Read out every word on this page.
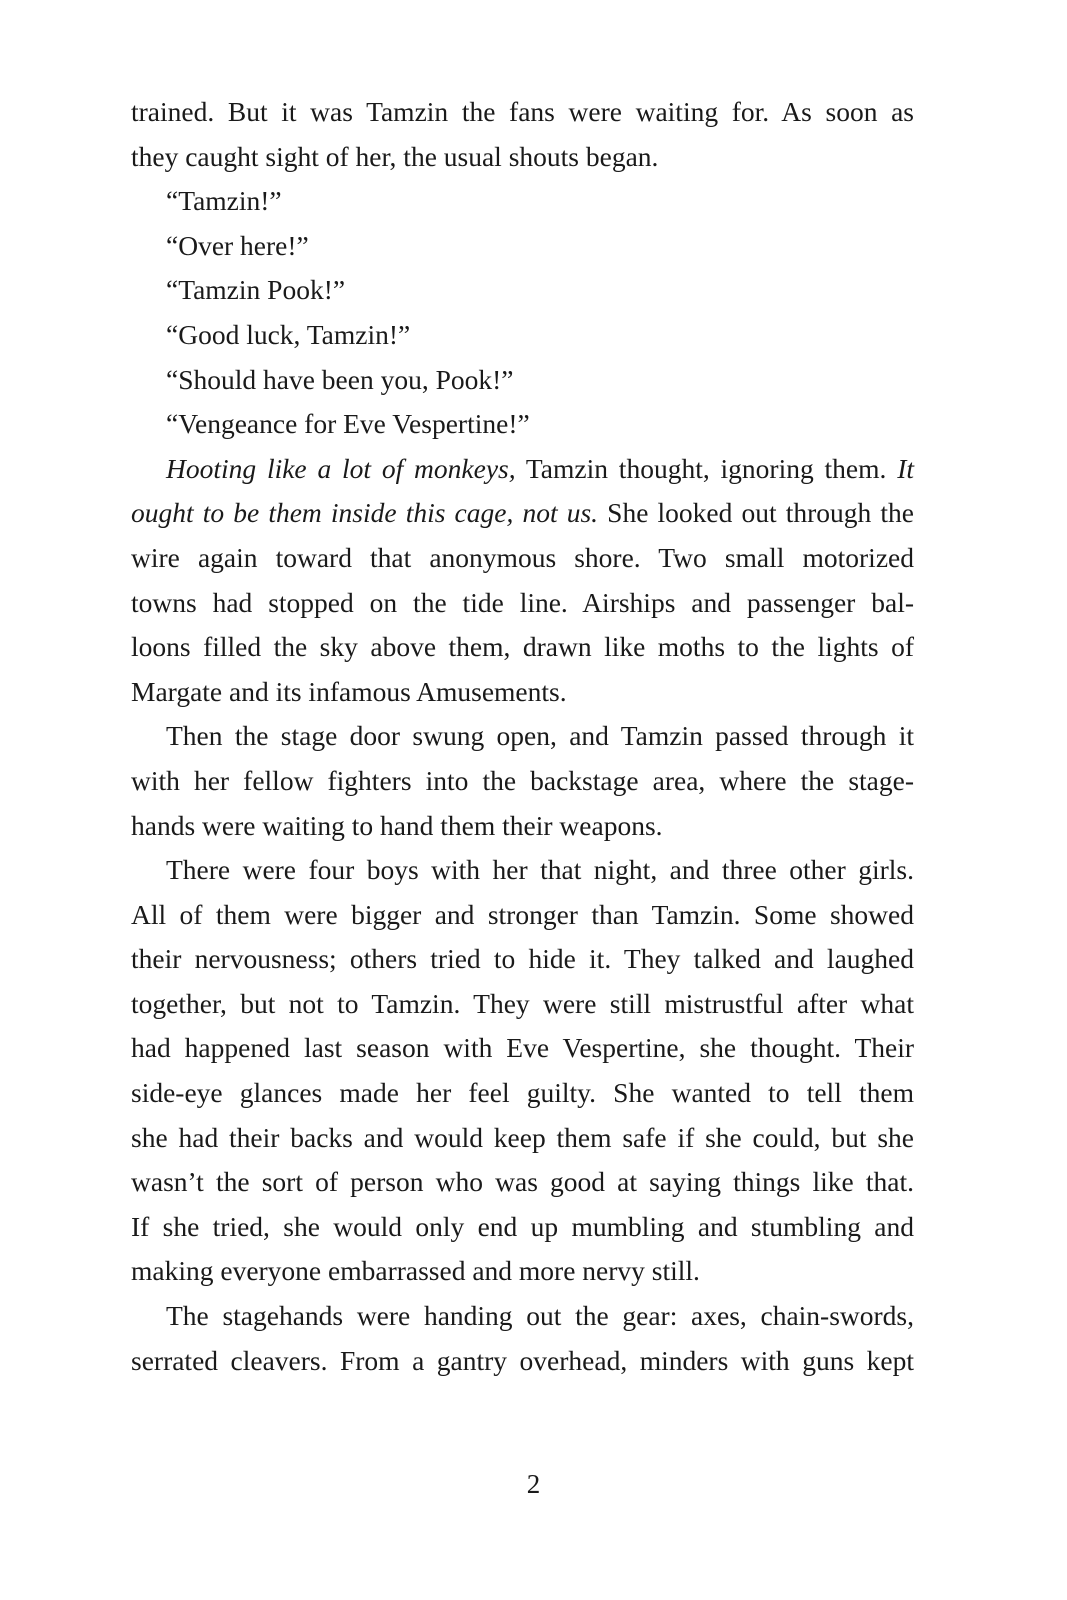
trained. But it was Tamzin the fans were waiting for. As soon as
they caught sight of her, the usual shouts began.
“Tamzin!”
“Over here!”
“Tamzin Pook!”
“Good luck, Tamzin!”
“Should have been you, Pook!”
“Vengeance for Eve Vespertine!”
Hooting like a lot of monkeys, Tamzin thought, ignoring them. It
ought to be them inside this cage, not us. She looked out through the
wire again toward that anonymous shore. Two small motorized
towns had stopped on the tide line. Airships and passenger bal-
loons filled the sky above them, drawn like moths to the lights of
Margate and its infamous Amusements.
Then the stage door swung open, and Tamzin passed through it
with her fellow fighters into the backstage area, where the stage-
hands were waiting to hand them their weapons.
There were four boys with her that night, and three other girls.
All of them were bigger and stronger than Tamzin. Some showed
their nervousness; others tried to hide it. They talked and laughed
together, but not to Tamzin. They were still mistrustful after what
had happened last season with Eve Vespertine, she thought. Their
side-eye glances made her feel guilty. She wanted to tell them
she had their backs and would keep them safe if she could, but she
wasn’t the sort of person who was good at saying things like that.
If she tried, she would only end up mumbling and stumbling and
making everyone embarrassed and more nervy still.
The stagehands were handing out the gear: axes, chain-swords,
serrated cleavers. From a gantry overhead, minders with guns kept
2
